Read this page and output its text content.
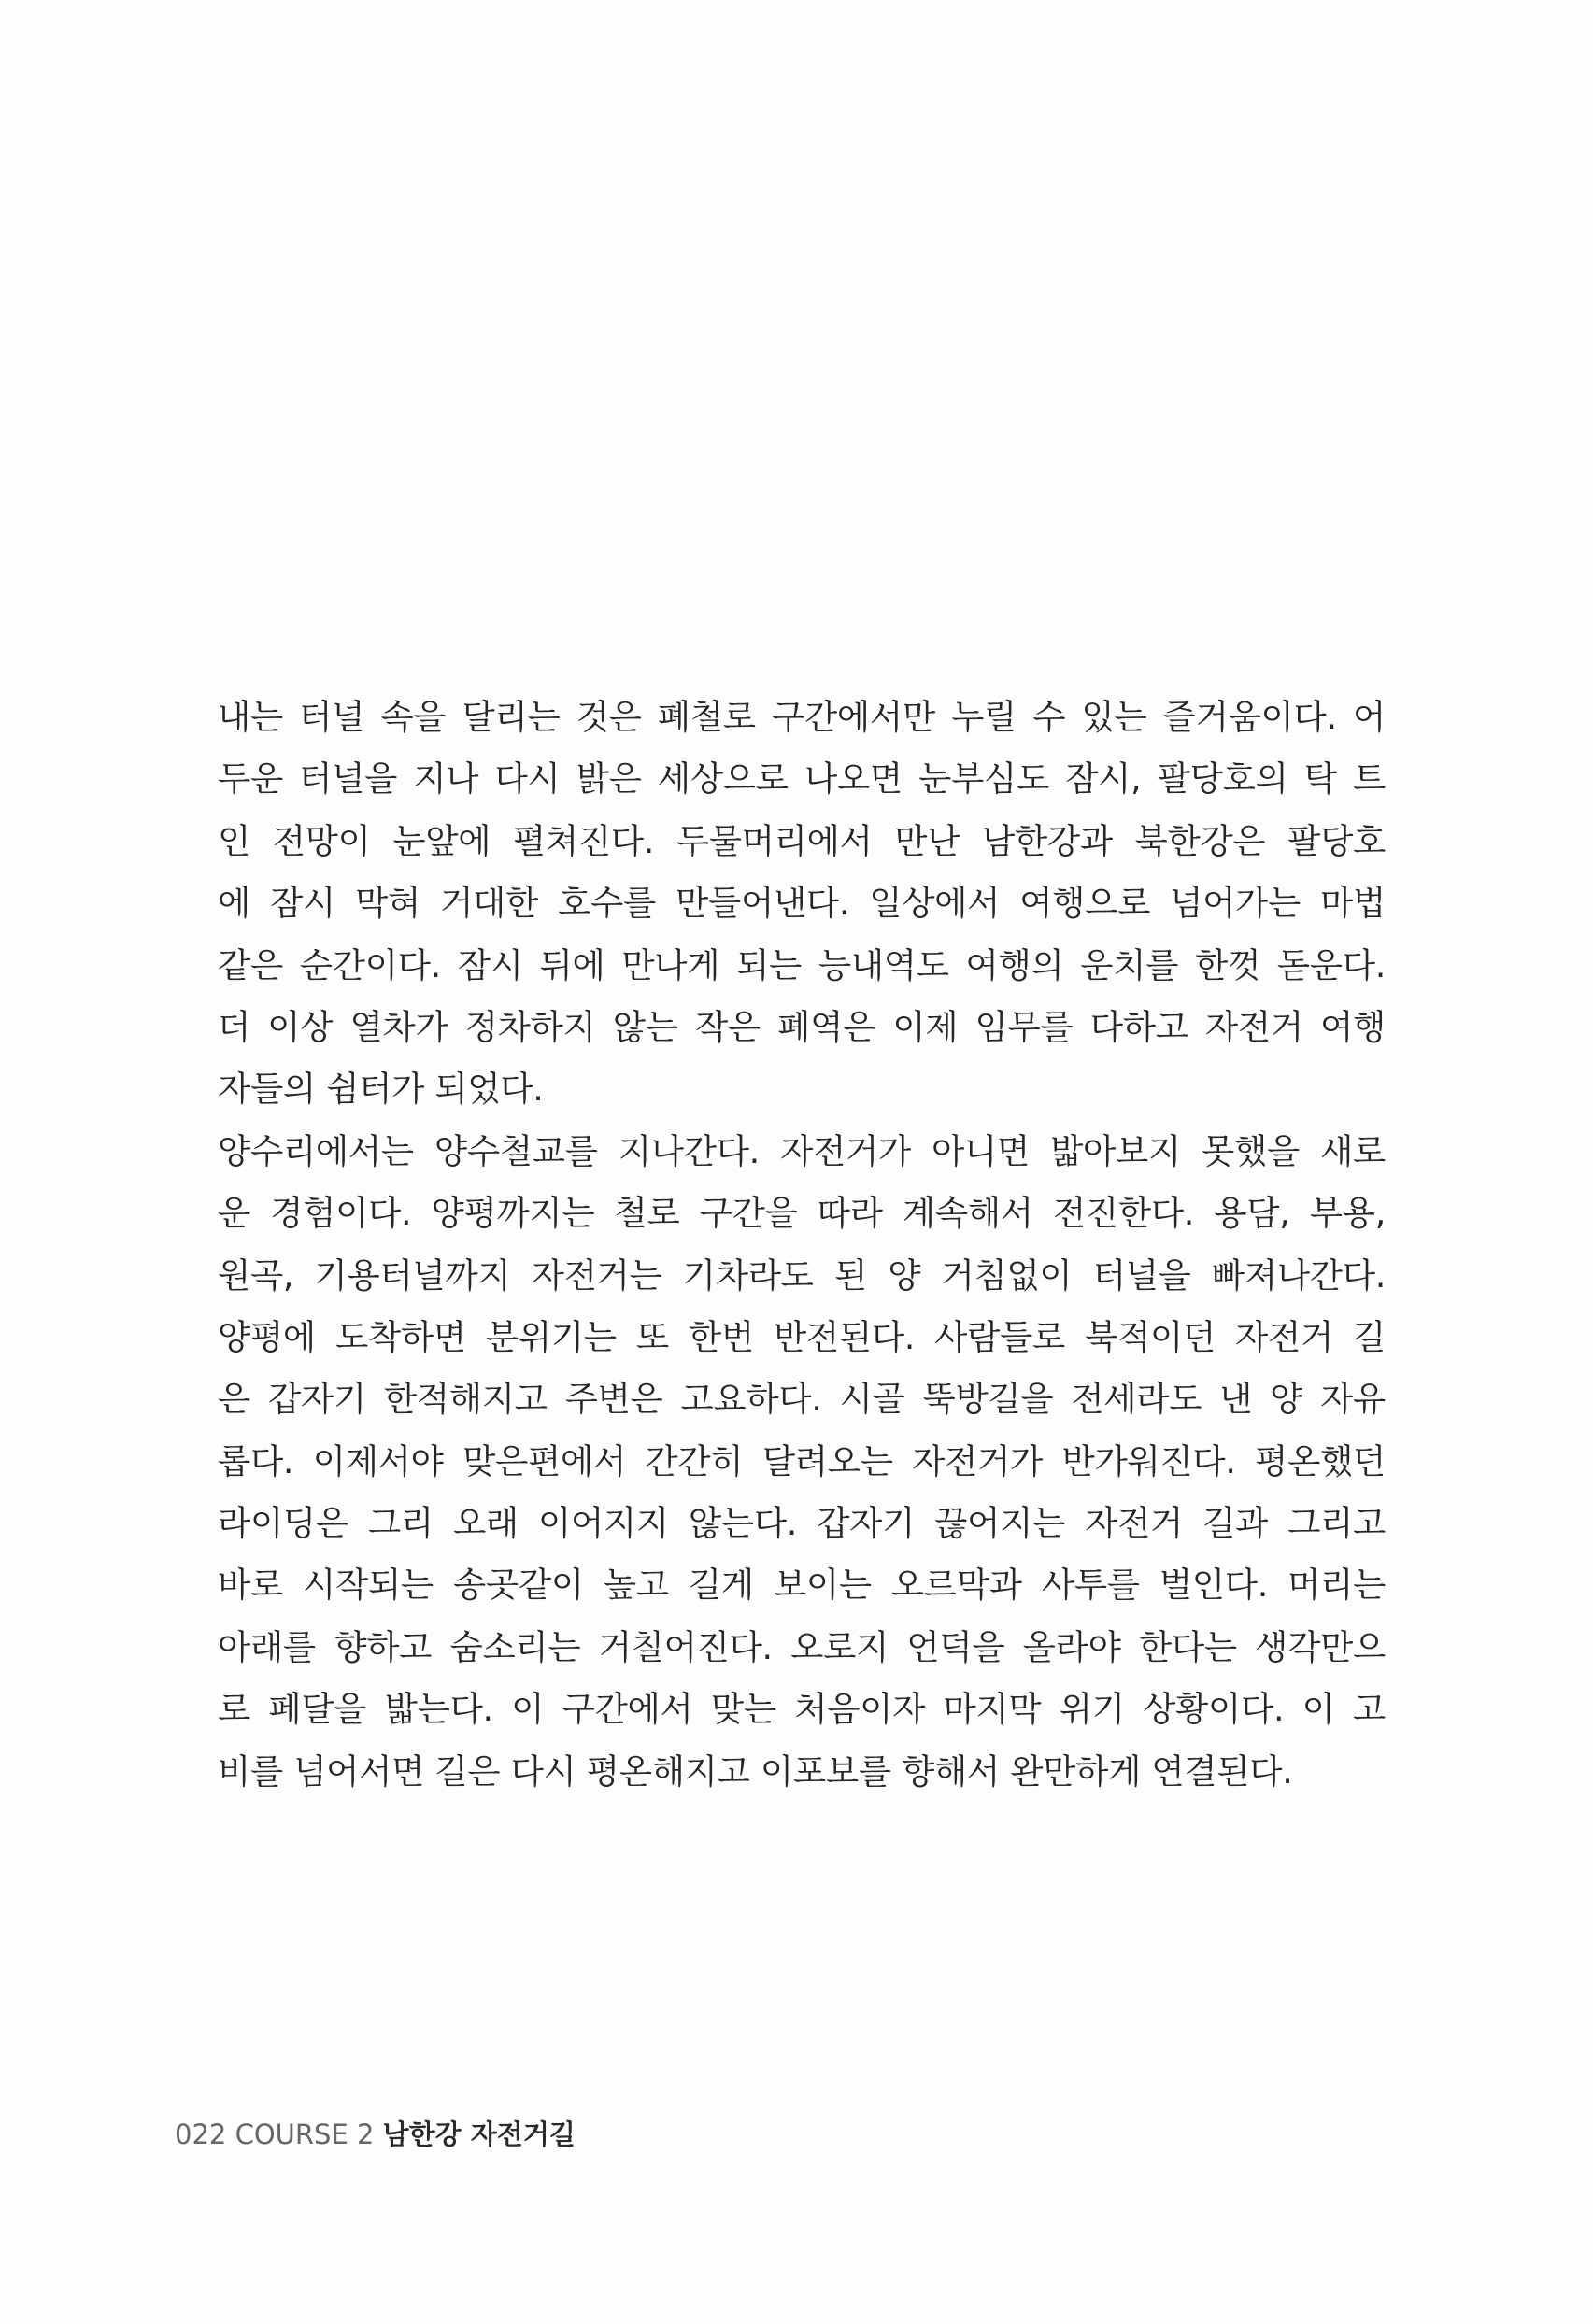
내는 터널 속을 달리는 것은 폐철로 구간에서만 누릴 수 있는 즐거움이다. 어
두운 터널을 지나 다시 밝은 세상으로 나오면 눈부심도 잠시, 팔당호의 탁 트
인 전망이 눈앞에 펼쳐진다. 두물머리에서 만난 남한강과 북한강은 팔당호
에 잠시 막혀 거대한 호수를 만들어낸다. 일상에서 여행으로 넘어가는 마법
같은 순간이다. 잠시 뒤에 만나게 되는 능내역도 여행의 운치를 한껏 돋운다.
더 이상 열차가 정차하지 않는 작은 폐역은 이제 임무를 다하고 자전거 여행
자들의 쉼터가 되었다.
양수리에서는 양수철교를 지나간다. 자전거가 아니면 밟아보지 못했을 새로
운 경험이다. 양평까지는 철로 구간을 따라 계속해서 전진한다. 용담, 부용,
원곡, 기용터널까지 자전거는 기차라도 된 양 거침없이 터널을 빠져나간다.
양평에 도착하면 분위기는 또 한번 반전된다. 사람들로 북적이던 자전거 길
은 갑자기 한적해지고 주변은 고요하다. 시골 뚝방길을 전세라도 낸 양 자유
롭다. 이제서야 맞은편에서 간간히 달려오는 자전거가 반가워진다. 평온했던
라이딩은 그리 오래 이어지지 않는다. 갑자기 끊어지는 자전거 길과 그리고
바로 시작되는 송곳같이 높고 길게 보이는 오르막과 사투를 벌인다. 머리는
아래를 향하고 숨소리는 거칠어진다. 오로지 언덕을 올라야 한다는 생각만으
로 페달을 밟는다. 이 구간에서 맞는 처음이자 마지막 위기 상황이다. 이 고
비를 넘어서면 길은 다시 평온해지고 이포보를 향해서 완만하게 연결된다.
022 COURSE 2 남한강 자전거길
